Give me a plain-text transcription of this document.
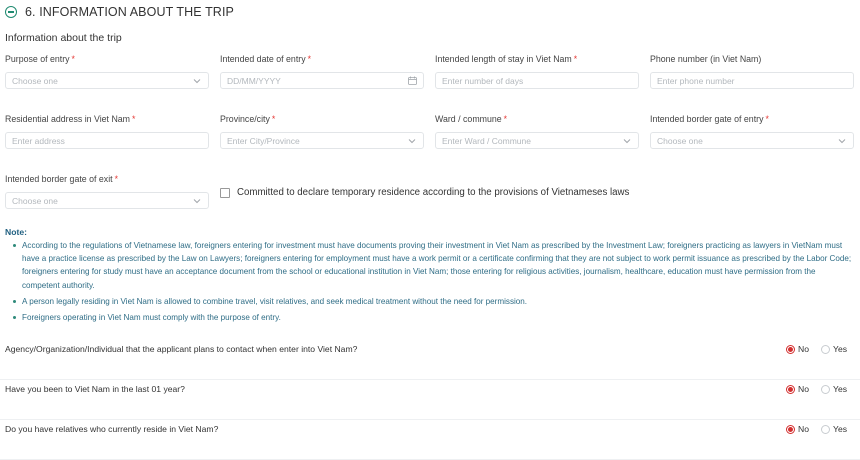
6. INFORMATION ABOUT THE TRIP
Information about the trip
Purpose of entry *
Choose one
Intended date of entry *
DD/MM/YYYY
Intended length of stay in Viet Nam *
Enter number of days
Phone number (in Viet Nam)
Enter phone number
Residential address in Viet Nam *
Enter address
Province/city *
Enter City/Province
Ward / commune *
Enter Ward / Commune
Intended border gate of entry *
Choose one
Intended border gate of exit *
Choose one
Committed to declare temporary residence according to the provisions of Vietnameses laws
Note:
According to the regulations of Vietnamese law, foreigners entering for investment must have documents proving their investment in Viet Nam as prescribed by the Investment Law; foreigners practicing as lawyers in VietNam must have a practice license as prescribed by the Law on Lawyers; foreigners entering for employment must have a work permit or a certificate confirming that they are not subject to work permit issuance as prescribed by the Labor Code; foreigners entering for study must have an acceptance document from the school or educational institution in Viet Nam; those entering for religious activities, journalism, healthcare, education must have permission from the competent authority.
A person legally residing in Viet Nam is allowed to combine travel, visit relatives, and seek medical treatment without the need for permission.
Foreigners operating in Viet Nam must comply with the purpose of entry.
Agency/Organization/Individual that the applicant plans to contact when enter into Viet Nam?	No	Yes
Have you been to Viet Nam in the last 01 year?	No	Yes
Do you have relatives who currently reside in Viet Nam?	No	Yes
